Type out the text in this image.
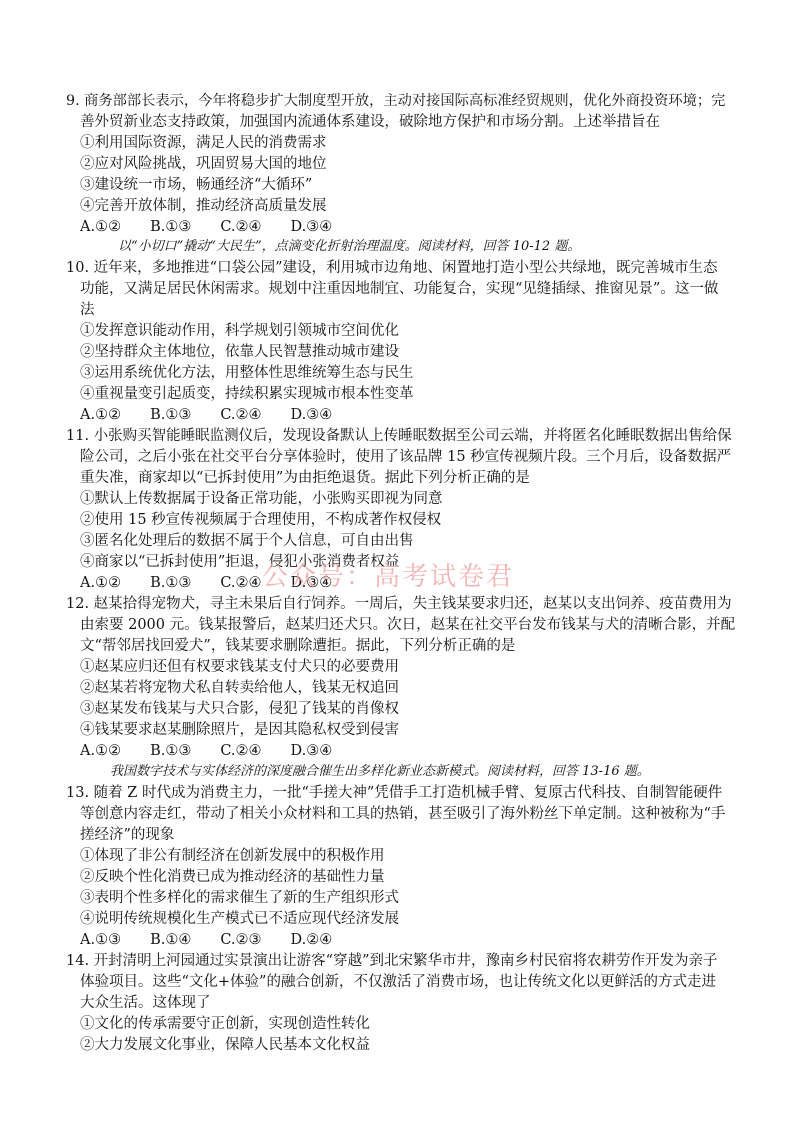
9. 商务部部长表示，今年将稳步扩大制度型开放，主动对接国际高标准经贸规则，优化外商投资环境；完
善外贸新业态支持政策，加强国内流通体系建设，破除地方保护和市场分割。上述举措旨在
①利用国际资源，满足人民的消费需求
②应对风险挑战，巩固贸易大国的地位
③建设统一市场，畅通经济“大循环”
④完善开放体制，推动经济高质量发展
A.①②　　B.①③　　C.②④　　D.③④
以“小切口”撬动“大民生”，点滴变化折射治理温度。阅读材料，回答 10-12 题。
10. 近年来，多地推进“口袋公园”建设，利用城市边角地、闲置地打造小型公共绿地，既完善城市生态
功能，又满足居民休闲需求。规划中注重因地制宜、功能复合，实现“见缝插绿、推窗见景”。这一做
法
①发挥意识能动作用，科学规划引领城市空间优化
②坚持群众主体地位，依靠人民智慧推动城市建设
③运用系统优化方法，用整体性思维统筹生态与民生
④重视量变引起质变，持续积累实现城市根本性变革
A.①②　　B.①③　　C.②④　　D.③④
11. 小张购买智能睡眠监测仪后，发现设备默认上传睡眠数据至公司云端，并将匿名化睡眠数据出售给保
险公司，之后小张在社交平台分享体验时，使用了该品牌 15 秒宣传视频片段。三个月后，设备数据严
重失准，商家却以“已拆封使用”为由拒绝退货。据此下列分析正确的是
①默认上传数据属于设备正常功能，小张购买即视为同意
②使用 15 秒宣传视频属于合理使用，不构成著作权侵权
③匿名化处理后的数据不属于个人信息，可自由出售
④商家以“已拆封使用”拒退，侵犯小张消费者权益
A.①②　　B.①③　　C.②④　　D.③④
公众号：高考试卷君
12. 赵某拾得宠物犬，寻主未果后自行饲养。一周后，失主钱某要求归还，赵某以支出饲养、疫苗费用为
由索要 2000 元。钱某报警后，赵某归还犬只。次日，赵某在社交平台发布钱某与犬的清晰合影，并配
文“帮邻居找回爱犬”，钱某要求删除遭拒。据此，下列分析正确的是
①赵某应归还但有权要求钱某支付犬只的必要费用
②赵某若将宠物犬私自转卖给他人，钱某无权追回
③赵某发布钱某与犬只合影，侵犯了钱某的肖像权
④钱某要求赵某删除照片，是因其隐私权受到侵害
A.①②　　B.①③　　C.②④　　D.③④
我国数字技术与实体经济的深度融合催生出多样化新业态新模式。阅读材料，回答 13-16 题。
13. 随着 Z 时代成为消费主力，一批“手搓大神”凭借手工打造机械手臂、复原古代科技、自制智能硬件
等创意内容走红，带动了相关小众材料和工具的热销，甚至吸引了海外粉丝下单定制。这种被称为“手
搓经济”的现象
①体现了非公有制经济在创新发展中的积极作用
②反映个性化消费已成为推动经济的基础性力量
③表明个性多样化的需求催生了新的生产组织形式
④说明传统规模化生产模式已不适应现代经济发展
A.①③　　B.①④　　C.②③　　D.②④
14. 开封清明上河园通过实景演出让游客“穿越”到北宋繁华市井，豫南乡村民宿将农耕劳作开发为亲子
体验项目。这些“文化+体验”的融合创新，不仅激活了消费市场，也让传统文化以更鲜活的方式走进
大众生活。这体现了
①文化的传承需要守正创新，实现创造性转化
②大力发展文化事业，保障人民基本文化权益
